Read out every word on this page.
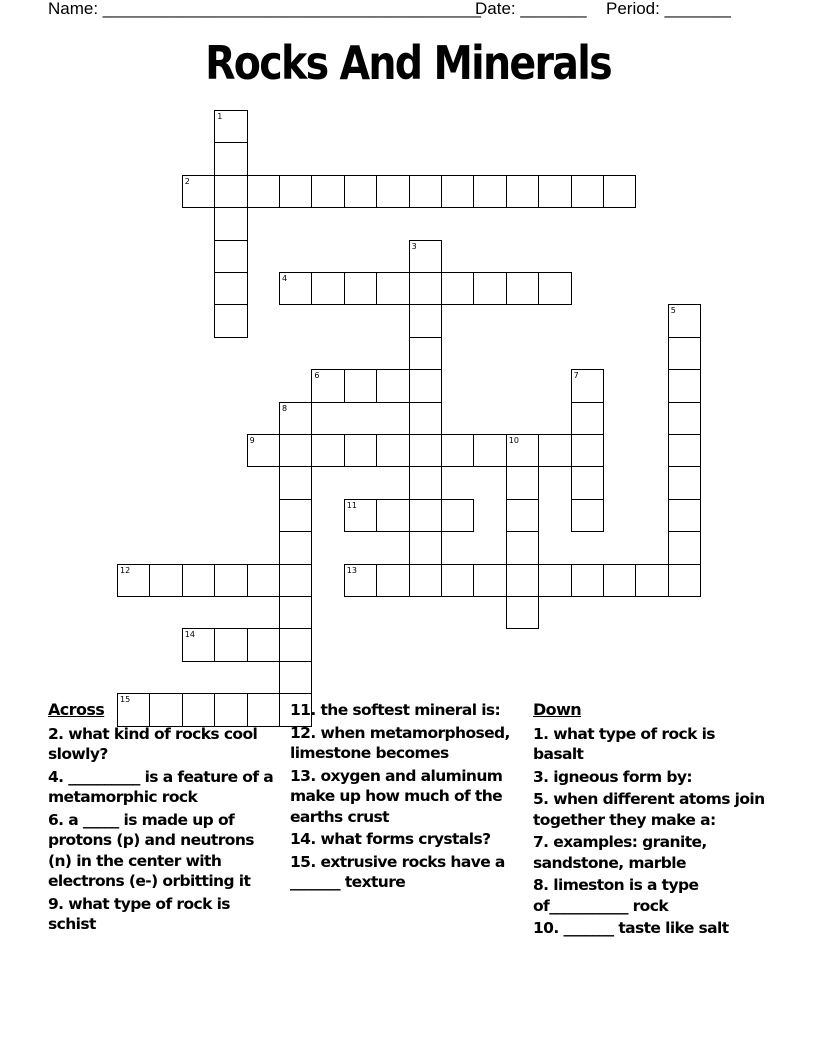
Name: ________________________________________
Date: _______ Period: _______
Rocks And Minerals
2
4
6
9
11
12	13
14
15
1
3
5
7
8
10
Across
2. what kind of rocks cool slowly?
4. __________ is a feature of a metamorphic rock
6. a _____ is made up of protons (p) and neutrons (n) in the center with electrons (e-) orbitting it
9. what type of rock is schist
11. the softest mineral is:
12. when metamorphosed, limestone becomes
13. oxygen and aluminum make up how much of the earths crust
14. what forms crystals?
15. extrusive rocks have a _______ texture
Down
1. what type of rock is basalt
3. igneous form by:
5. when different atoms join together they make a:
7. examples: granite, sandstone, marble
8. limeston is a type of___________ rock
10. _______ taste like salt
